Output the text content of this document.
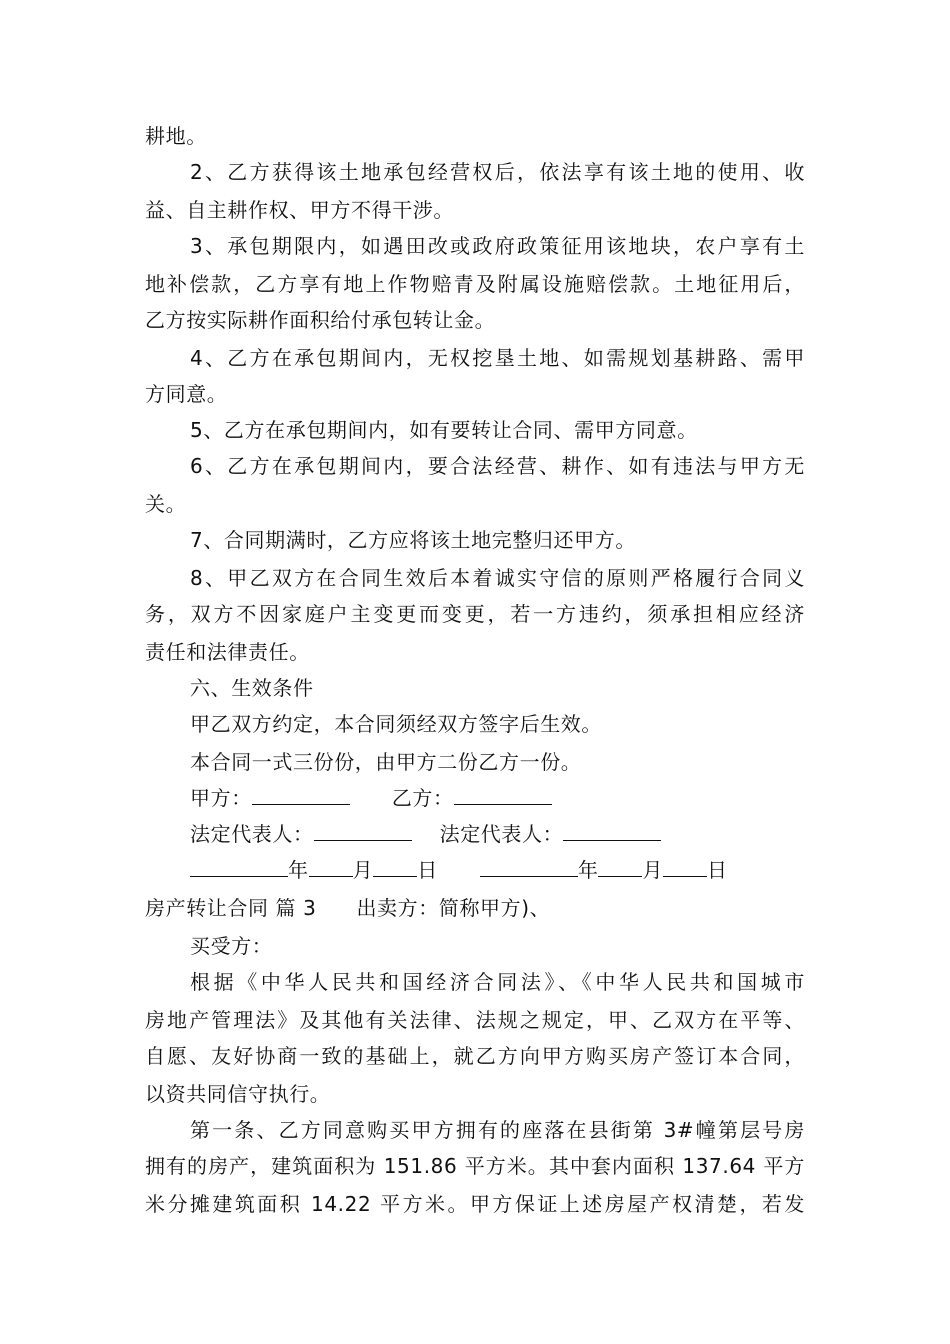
耕地。
2、乙方获得该土地承包经营权后，依法享有该土地的使用、收
益、自主耕作权、甲方不得干涉。
3、承包期限内，如遇田改或政府政策征用该地块，农户享有土
地补偿款，乙方享有地上作物赔青及附属设施赔偿款。土地征用后，
乙方按实际耕作面积给付承包转让金。
4、乙方在承包期间内，无权挖垦土地、如需规划基耕路、需甲
方同意。
5、乙方在承包期间内，如有要转让合同、需甲方同意。
6、乙方在承包期间内，要合法经营、耕作、如有违法与甲方无
关。
7、合同期满时，乙方应将该土地完整归还甲方。
8、甲乙双方在合同生效后本着诚实守信的原则严格履行合同义
务，双方不因家庭户主变更而变更，若一方违约，须承担相应经济
责任和法律责任。
六、生效条件
甲乙双方约定，本合同须经双方签字后生效。
本合同一式三份份，由甲方二份乙方一份。
甲方：	乙方：
法定代表人：	法定代表人：
年 月 日	年 月 日
房产转让合同 篇 3 出卖方：简称甲方)、
买受方：
根据《中华人民共和国经济合同法》、《中华人民共和国城市
房地产管理法》及其他有关法律、法规之规定，甲、乙双方在平等、
自愿、友好协商一致的基础上，就乙方向甲方购买房产签订本合同，
以资共同信守执行。
第一条、乙方同意购买甲方拥有的座落在县街第 3#幢第层号房
拥有的房产，建筑面积为 151.86 平方米。其中套内面积 137.64 平方
米分摊建筑面积 14.22 平方米。甲方保证上述房屋产权清楚，若发
